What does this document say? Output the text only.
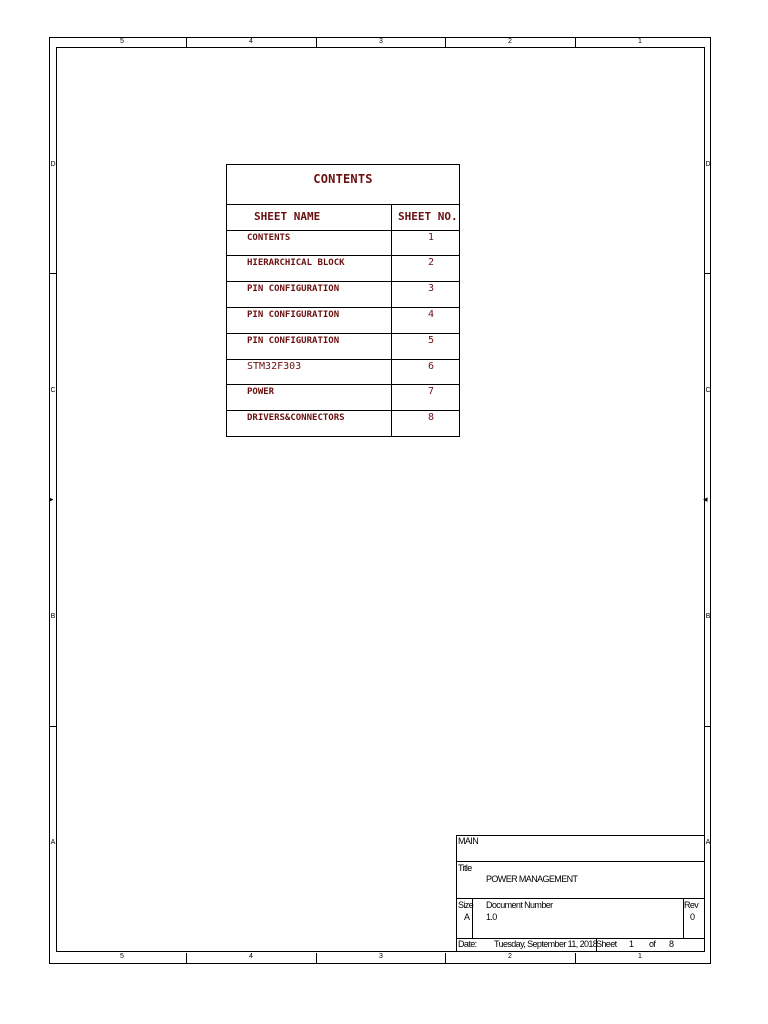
5	4	3	2	1
5	4	3	2	1
D
C
B
A
▸
D
C
B
A
◂
CONTENTS
SHEET NAME	SHEET NO.
CONTENTS	1
HIERARCHICAL BLOCK	2
PIN CONFIGURATION	3
PIN CONFIGURATION	4
PIN CONFIGURATION	5
STM32F303	6
POWER	7
DRIVERS&CONNECTORS	8
MAIN
Title
POWER MANAGEMENT
Size
A
Document Number
1.0
Rev
0
Date: Tuesday, September 11, 2018
Sheet 1 of 8
